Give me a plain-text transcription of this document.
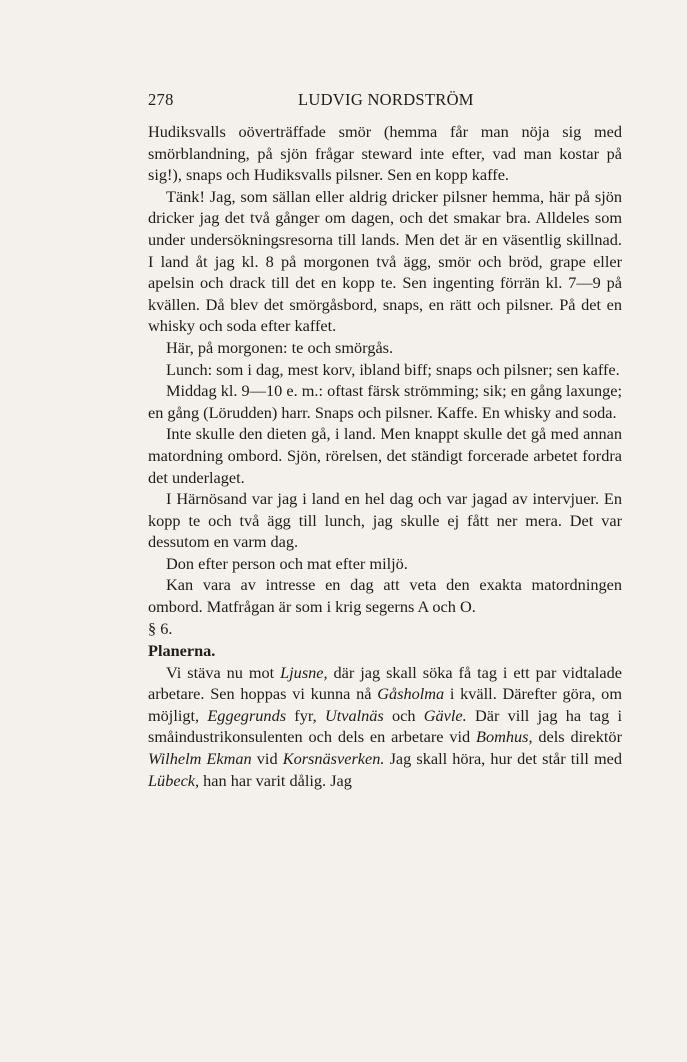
278	LUDVIG NORDSTRÖM

Hudiksvalls oöverträffade smör (hemma får man nöja sig med smörblandning, på sjön frågar steward inte efter, vad man kostar på sig!), snaps och Hudiksvalls pilsner. Sen en kopp kaffe.

Tänk! Jag, som sällan eller aldrig dricker pilsner hemma, här på sjön dricker jag det två gånger om dagen, och det smakar bra. Alldeles som under undersökningsresorna till lands. Men det är en väsentlig skillnad. I land åt jag kl. 8 på morgonen två ägg, smör och bröd, grape eller apelsin och drack till det en kopp te. Sen ingenting förrän kl. 7—9 på kvällen. Då blev det smörgåsbord, snaps, en rätt och pilsner. På det en whisky och soda efter kaffet.

Här, på morgonen: te och smörgås.

Lunch: som i dag, mest korv, ibland biff; snaps och pilsner; sen kaffe.

Middag kl. 9—10 e. m.: oftast färsk strömming; sik; en gång laxunge; en gång (Lörudden) harr. Snaps och pilsner. Kaffe. En whisky and soda.

Inte skulle den dieten gå, i land. Men knappt skulle det gå med annan matordning ombord. Sjön, rörelsen, det ständigt forcerade arbetet fordra det underlaget.

I Härnösand var jag i land en hel dag och var jagad av intervjuer. En kopp te och två ägg till lunch, jag skulle ej fått ner mera. Det var dessutom en varm dag.

Don efter person och mat efter miljö.

Kan vara av intresse en dag att veta den exakta matordningen ombord. Matfrågan är som i krig segerns A och O.

§ 6.

Planerna.

Vi stäva nu mot Ljusne, där jag skall söka få tag i ett par vidtalade arbetare. Sen hoppas vi kunna nå Gåsholma i kväll. Därefter göra, om möjligt, Eggegrunds fyr, Utvalnäs och Gävle. Där vill jag ha tag i småindustrikonsulenten och dels en arbetare vid Bomhus, dels direktör Wilhelm Ekman vid Korsnäsverken. Jag skall höra, hur det står till med Lübeck, han har varit dålig. Jag
